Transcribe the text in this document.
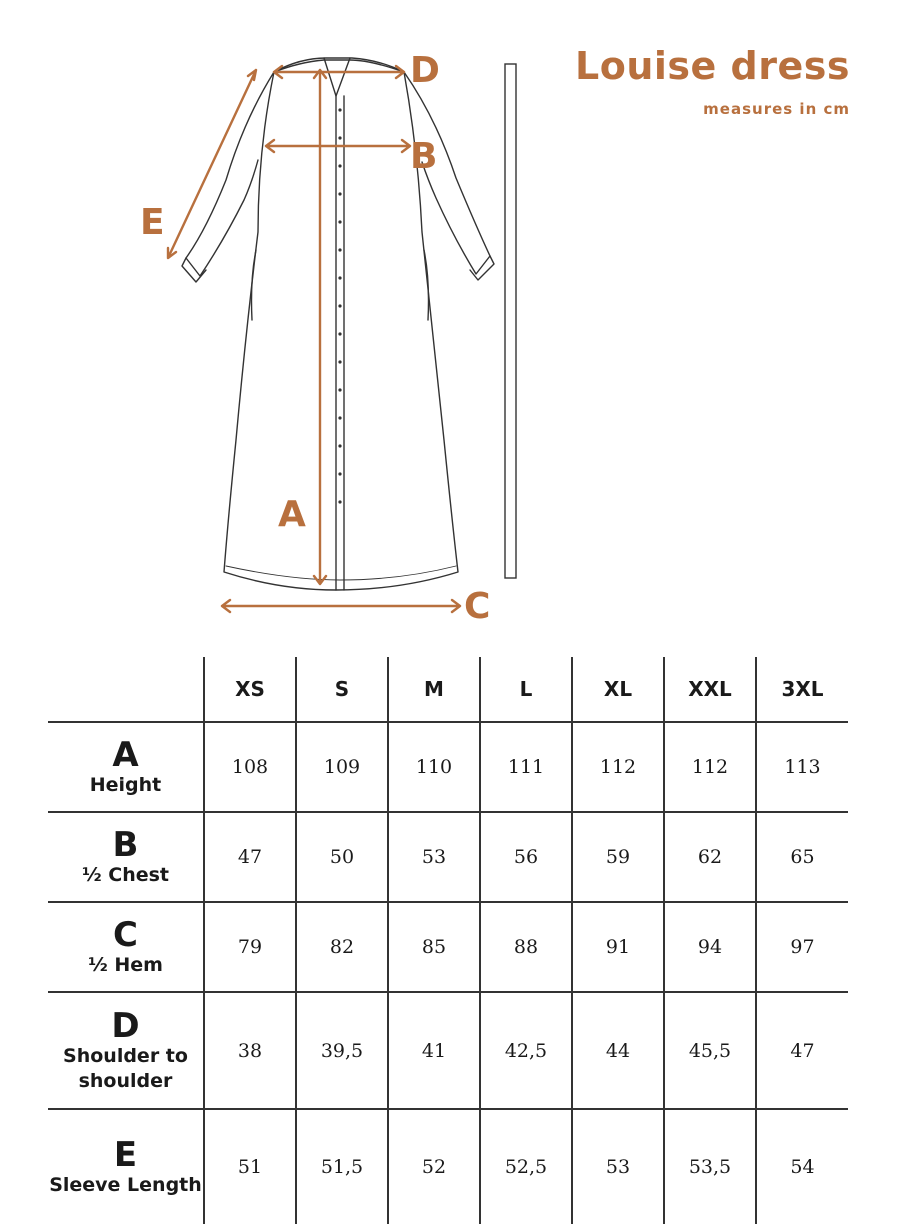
D
B
A
C
E
Louise dress
measures in cm
	XS	S	M	L	XL	XXL	3XL

A
Height	108	109	110	111	112	112	113

B
½ Chest	47	50	53	56	59	62	65

C
½ Hem	79	82	85	88	91	94	97

D
Shoulder to shoulder	38	39,5	41	42,5	44	45,5	47

E
Sleeve Length	51	51,5	52	52,5	53	53,5	54
